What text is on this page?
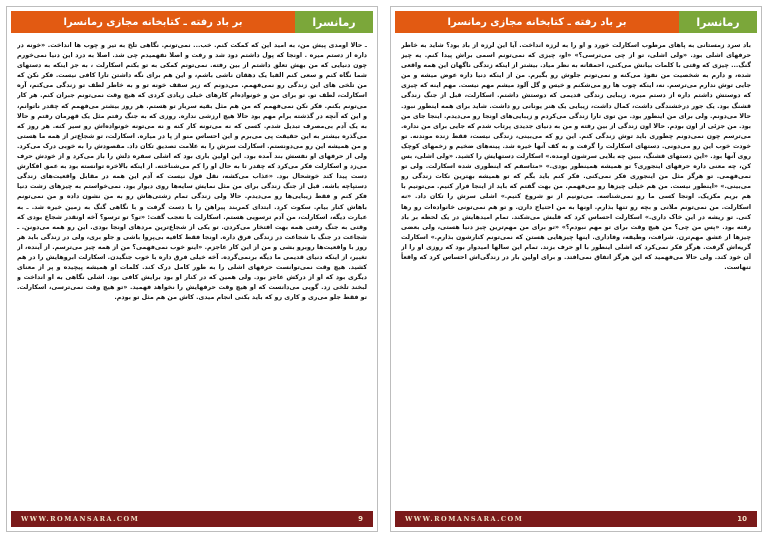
بر باد رفته ـ کتابخانه مجازی رمانسرا	رمانسرا

ـ حالا اومدی پیش من، به امید این که کمکت کنم. خب... نمی‌تونم. نگاهی تلخ به تیر و چوب ها انداخت. «خونه در داره از دستم میره . اونجا که پول داشتم دود شد و رفت و اصلا نفهمیدم چی شد. اصلا به درد این دنیا نمی‌خورم چون دنیایی که من بهش تعلق داشتم از بین رفته. نمی‌تونم کمکی به تو بکنم اسکارلت ، به جز اینکه به دستهای شما نگاه کنم و سعی کنم الفبا یک دهقان ناشی باشم، و این هم برای نگه داشتن تارا کافی نیست. فکر نکن که من تلخی های این زندگی رو نمی‌فهمم. می‌دونم که زیر سقف خونه تو و به خاطر لطف تو زندگی می‌کنم، آره اسکارلت، لطف تو. تو برای من و خونواده‌ام کارهای خیلی زیادی کردی که هیچ وقت نمی‌تونم جبران کنم. هر کار می‌تونم بکنم. فکر نکن نمی‌فهمم که من هم مثل بقیه سربار تو هستم. هر روز بیشتر می‌فهمم که چقدر ناتوانم، و این که آنچه در گذشته برام مهم بود حالا هیچ ارزشی نداره. روزی که به جنگ رفتم مثل یک قهرمان رفتم و حالا به یک آدم بی‌مصرف تبدیل شدم. کسی که نه می‌تونه کار کنه و نه می‌تونه خونواده‌اش رو سیر کنه. هر روز که می‌گذره بیشتر به این حقیقت پی می‌برم و این احساس منو از پا در میاره. اسکارلت، تو شجاع‌تر از همه ما هستی و من همیشه این رو می‌دونستم. اسکارلت سرش را به علامت تصدیق تکان داد. مقصودش را به خوبی درک می‌کرد. ولی از حرفهای او نفسش بند آمده بود. این اولین باری بود که اشلی سفره دلش را باز می‌کرد و از خودش حرف می‌زد و اسکارلت فکر می‌کرد که چقدر تا به حال او را کم می‌شناخته. از اینکه بالاخره توانسته بود به عمق افکارش دست پیدا کند خوشحال بود. «عذاب می‌کشه، نقل قول نیست که آدم این همه در مقابل واقعیت‌های زندگی دستپاچه باشه. قبل از جنگ زندگی برای من مثل نمایش سایه‌ها روی دیوار بود. نمی‌خواستم به چیزهای زشت دنیا فکر کنم و فقط زیبایی‌ها رو می‌دیدم. حالا ولی زندگی تمام زشتی‌هاش رو به من نشون داده و من نمی‌تونم باهاش کنار بیام. سکوت کرد. ابتدای کمربند پیراهن را با دست گرفت و با نگاهی گنگ به زمین خیره شد. ـ به عبارت دیگه، اسکارلت، من آدم ترسویی هستم. اسکارلت با تعجب گفت: «تو؟ تو ترسو؟ آخه اونقدر شجاع بودی که وقتی به جنگ رفتی همه بهت افتخار می‌کردن. تو یکی از شجاع‌ترین مردهای اونجا بودی. این رو همه می‌دونن. ـ شجاعت در جنگ با شجاعت در زندگی فرق داره. اونجا فقط کافیه بی‌پروا باشی و جلو بری، ولی در زندگی باید هر روز با واقعیت‌ها روبرو بشی و من از این کار عاجزم. «اینو خوب نمی‌فهمی؟ من از همه چیز می‌ترسم. از آینده، از تغییر، از اینکه دنیای قدیمی ما دیگه برنمی‌گرده. آخه خیلی فرق داره با خوب جنگیدن. اسکارلت ابروهایش را در هم کشید. هیچ وقت نمی‌توانست حرفهای اشلی را به طور کامل درک کند. کلمات او همیشه پیچیده و پر از معنای دیگری بود که او از درکش عاجز بود. ولی همین که در کنار او بود برایش کافی بود. اشلی نگاهی به او انداخت و لبخند تلخی زد. گویی می‌دانست که او هیچ وقت حرفهایش را نخواهد فهمید. «تو هیچ وقت نمی‌ترسی، اسکارلت. تو فقط جلو می‌ری و کاری رو که باید بکنی انجام میدی. کاش من هم مثل تو بودم.

WWW.ROMANSARA.COM	9
بر باد رفته ـ کتابخانه مجازی رمانسرا	رمانسرا

باد سرد زمستانی به پاهای مرطوب اسکارلت خورد و او را به لرزه انداخت. آیا این لرزه از باد بود؟ شاید به خاطر حرفهای اشلی بود. «ولی اشلی، تو از چی می‌ترسی؟» «او، چیزی که نمی‌تونم اسمی براش پیدا کنم. یه چیز گنگ... چیزی که وقتی با کلمات بیانش می‌کنی، احمقانه به نظر میاد. بیشتر از اینکه زندگی ناگهان این همه واقعی شده، و دارم به شخصیت من نفوذ می‌کنه و نمی‌تونم جلوش رو بگیرم. من از اینکه دنیا داره عوض میشه و من جایی توش ندارم می‌ترسم. نه، اینکه چوب ها رو می‌شکنم و خیس و گل آلود میشم مهم نیست. مهم اینه که چیزی که دوستش داشتم داره از دستم میره. زیبایی زندگی قدیمی که دوستش داشتم. اسکارلت، قبل از جنگ زندگی قشنگ بود. یک جور درخشندگی داشت، کمال داشت، زیبایی یک هنر یونانی رو داشت. شاید برای همه اینطور نبود. حالا می‌دونم. ولی برای من اینطور بود. من توی تارا زندگی می‌کردم و زیبایی‌های اونجا رو می‌دیدم. اینجا جای من بود. من جزئی از اون بودم. حالا اون زندگی از بین رفته و من به دنیای جدیدی پرتاب شدم که جایی برای من نداره. می‌ترسم چون نمی‌دونم چطوری باید توش زندگی کنم. این رو که می‌بینی، زندگی نیست، فقط زنده موندنه. تو خودت خوب این رو می‌دونی. دستهای اسکارلت را گرفت و به کف آنها خیره شد. پینه‌های ضخیم و زخمهای کوچک روی آنها بود. «این دستهای قشنگ، ببین چه بلایی سرشون اومده.» اسکارلت دستهایش را کشید. «ولی اشلی، بس کن، چه معنی داره حرفهای اینجوری؟ تو همیشه همینطور بودی.» «متاسفم که اینطوری شده اسکارلت. ولی تو نمی‌فهمی. تو هرگز مثل من اینجوری فکر نمی‌کنی. فکر کنم باید بگم که تو همیشه بهترین نکات زندگی رو می‌بینی.» «اینطور نیست. من هم خیلی چیزها رو می‌فهمم. من بهت گفتم که باید از اینجا فرار کنیم. می‌تونیم با هم بریم مکزیک. اونجا کسی ما رو نمی‌شناسه. می‌تونیم از نو شروع کنیم.» اشلی سرش را تکان داد. «نه اسکارلت. من نمی‌تونم ملانی و بچه رو تنها بذارم. اونها به من احتیاج دارن. و تو هم نمی‌تونی خانواده‌ات رو رها کنی. تو ریشه در این خاک داری.» اسکارلت احساس کرد که قلبش می‌شکند. تمام امیدهایش در یک لحظه بر باد رفته بود. «پس من چی؟ من هیچ وقت برای تو مهم نبودم؟» «تو برای من مهم‌ترین چیز دنیا هستی، ولی بعضی چیزها از عشق مهم‌ترن. شرافت، وظیفه، وفاداری. اینها چیزهایی هستن که نمی‌تونم کنارشون بذارم.» اسکارلت گریه‌اش گرفت. هرگز فکر نمی‌کرد که اشلی اینطور با او حرف بزند. تمام این سالها امیدوار بود که روزی او را از آن خود کند. ولی حالا می‌فهمید که این هرگز اتفاق نمی‌افتد. و برای اولین بار در زندگی‌اش احساس کرد که واقعاً تنهاست.

WWW.ROMANSARA.COM	10
